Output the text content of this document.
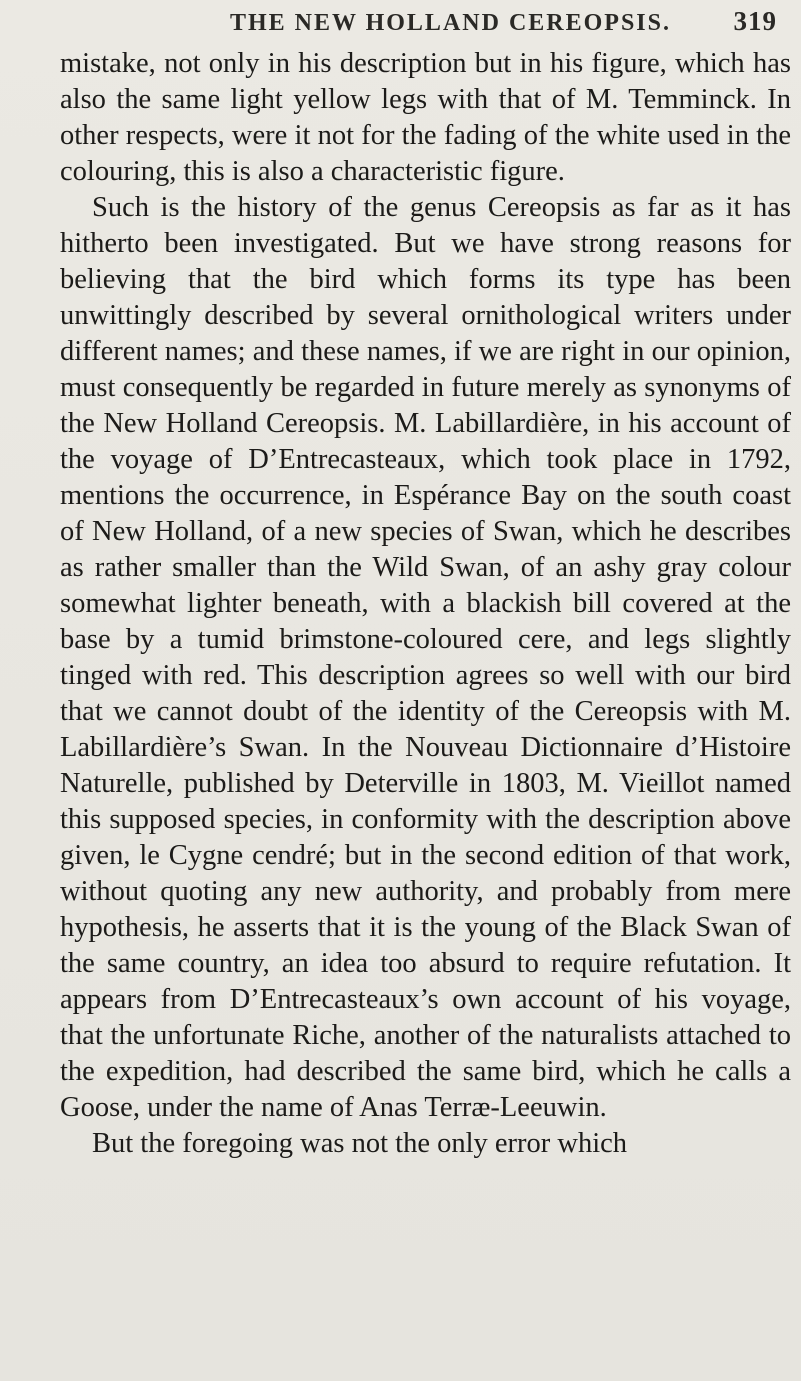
THE NEW HOLLAND CEREOPSIS. 319

mistake, not only in his description but in his figure, which has also the same light yellow legs with that of M. Temminck. In other respects, were it not for the fading of the white used in the colouring, this is also a characteristic figure.

Such is the history of the genus Cereopsis as far as it has hitherto been investigated. But we have strong reasons for believing that the bird which forms its type has been unwittingly described by several ornithological writers under different names; and these names, if we are right in our opinion, must consequently be regarded in future merely as synonyms of the New Holland Cereopsis. M. Labillardière, in his account of the voyage of D’Entrecasteaux, which took place in 1792, mentions the occurrence, in Espérance Bay on the south coast of New Holland, of a new species of Swan, which he describes as rather smaller than the Wild Swan, of an ashy gray colour somewhat lighter beneath, with a blackish bill covered at the base by a tumid brimstone-coloured cere, and legs slightly tinged with red. This description agrees so well with our bird that we cannot doubt of the identity of the Cereopsis with M. Labillardière’s Swan. In the Nouveau Dictionnaire d’Histoire Naturelle, published by Deterville in 1803, M. Vieillot named this supposed species, in conformity with the description above given, le Cygne cendré; but in the second edition of that work, without quoting any new authority, and probably from mere hypothesis, he asserts that it is the young of the Black Swan of the same country, an idea too absurd to require refutation. It appears from D’Entrecasteaux’s own account of his voyage, that the unfortunate Riche, another of the naturalists attached to the expedition, had described the same bird, which he calls a Goose, under the name of Anas Terræ-Leeuwin.

But the foregoing was not the only error which
